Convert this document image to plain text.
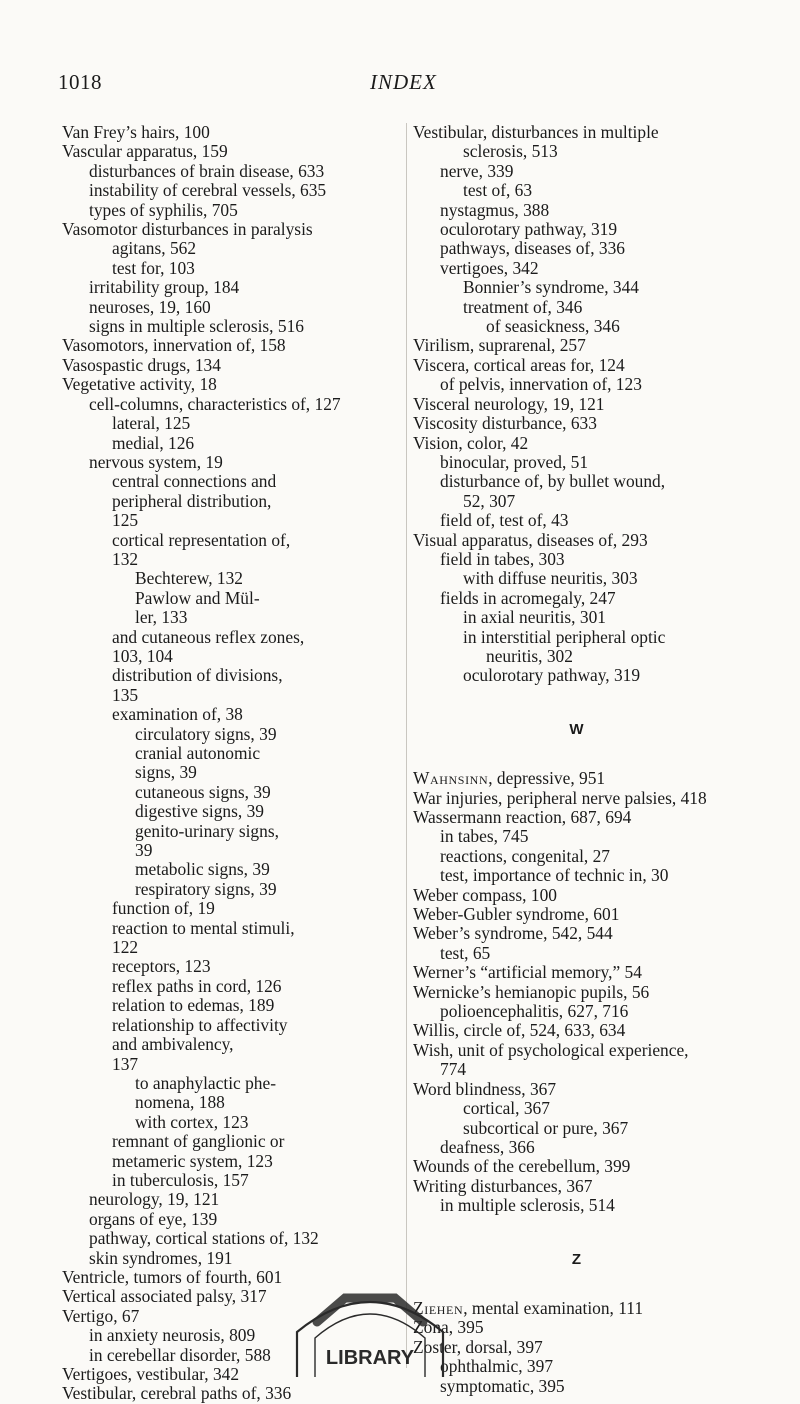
1018	INDEX
Van Frey’s hairs, 100
Vascular apparatus, 159
disturbances of brain disease, 633
instability of cerebral vessels, 635
types of syphilis, 705
Vasomotor disturbances in paralysis
agitans, 562
test for, 103
irritability group, 184
neuroses, 19, 160
signs in multiple sclerosis, 516
Vasomotors, innervation of, 158
Vasospastic drugs, 134
Vegetative activity, 18
cell-columns, characteristics of, 127
lateral, 125
medial, 126
nervous system, 19
central connections and
peripheral distribution,
125
cortical representation of,
132
Bechterew, 132
Pawlow and Mül-
ler, 133
and cutaneous reflex zones,
103, 104
distribution of divisions,
135
examination of, 38
circulatory signs, 39
cranial autonomic
signs, 39
cutaneous signs, 39
digestive signs, 39
genito-urinary signs,
39
metabolic signs, 39
respiratory signs, 39
function of, 19
reaction to mental stimuli,
122
receptors, 123
reflex paths in cord, 126
relation to edemas, 189
relationship to affectivity
and ambivalency,
137
to anaphylactic phe-
nomena, 188
with cortex, 123
remnant of ganglionic or
metameric system, 123
in tuberculosis, 157
neurology, 19, 121
organs of eye, 139
pathway, cortical stations of, 132
skin syndromes, 191
Ventricle, tumors of fourth, 601
Vertical associated palsy, 317
Vertigo, 67
in anxiety neurosis, 809
in cerebellar disorder, 588
Vertigoes, vestibular, 342
Vestibular, cerebral paths of, 336
Vestibular, disturbances in multiple
sclerosis, 513
nerve, 339
test of, 63
nystagmus, 388
oculorotary pathway, 319
pathways, diseases of, 336
vertigoes, 342
Bonnier’s syndrome, 344
treatment of, 346
of seasickness, 346
Virilism, suprarenal, 257
Viscera, cortical areas for, 124
of pelvis, innervation of, 123
Visceral neurology, 19, 121
Viscosity disturbance, 633
Vision, color, 42
binocular, proved, 51
disturbance of, by bullet wound,
52, 307
field of, test of, 43
Visual apparatus, diseases of, 293
field in tabes, 303
with diffuse neuritis, 303
fields in acromegaly, 247
in axial neuritis, 301
in interstitial peripheral optic
neuritis, 302
oculorotary pathway, 319
W
Wahnsinn, depressive, 951
War injuries, peripheral nerve palsies, 418
Wassermann reaction, 687, 694
in tabes, 745
reactions, congenital, 27
test, importance of technic in, 30
Weber compass, 100
Weber-Gubler syndrome, 601
Weber’s syndrome, 542, 544
test, 65
Werner’s “artificial memory,” 54
Wernicke’s hemianopic pupils, 56
polioencephalitis, 627, 716
Willis, circle of, 524, 633, 634
Wish, unit of psychological experience,
774
Word blindness, 367
cortical, 367
subcortical or pure, 367
deafness, 366
Wounds of the cerebellum, 399
Writing disturbances, 367
in multiple sclerosis, 514
Z
Ziehen, mental examination, 111
Zona, 395
Zoster, dorsal, 397
ophthalmic, 397
symptomatic, 395
LIBRARY
